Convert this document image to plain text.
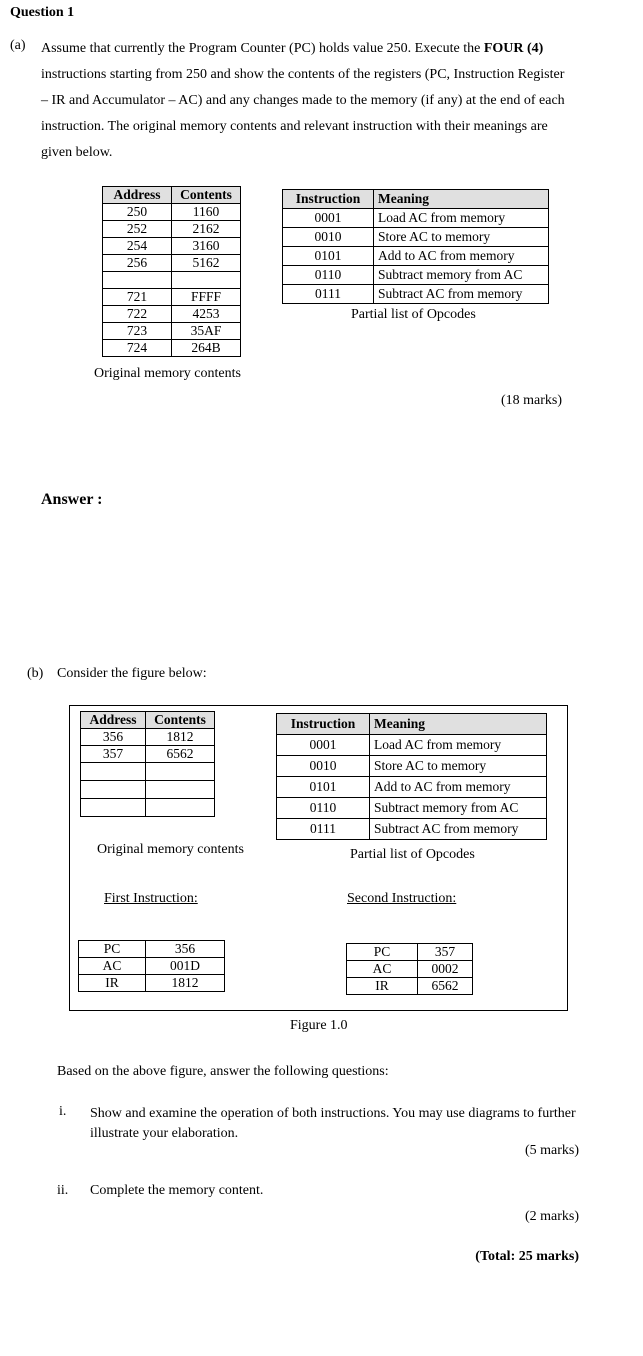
Question 1
(a) Assume that currently the Program Counter (PC) holds value 250. Execute the FOUR (4) instructions starting from 250 and show the contents of the registers (PC, Instruction Register – IR and Accumulator – AC) and any changes made to the memory (if any) at the end of each instruction. The original memory contents and relevant instruction with their meanings are given below.
Address	Contents
250	1160
252	2162
254	3160
256	5162

721	FFFF
722	4253
723	35AF
724	264B
Original memory contents
Instruction	Meaning
0001	Load AC from memory
0010	Store AC to memory
0101	Add to AC from memory
0110	Subtract memory from AC
0111	Subtract AC from memory
Partial list of Opcodes
(18 marks)
Answer :
(b) Consider the figure below:
Address	Contents
356	1812
357	6562

Original memory contents
Instruction	Meaning
0001	Load AC from memory
0010	Store AC to memory
0101	Add to AC from memory
0110	Subtract memory from AC
0111	Subtract AC from memory
Partial list of Opcodes
First Instruction:	Second Instruction:
PC	356
AC	001D
IR	1812
PC	357
AC	0002
IR	6562
Figure 1.0
Based on the above figure, answer the following questions:
i. Show and examine the operation of both instructions. You may use diagrams to further illustrate your elaboration.
(5 marks)
ii. Complete the memory content.
(2 marks)
(Total: 25 marks)
